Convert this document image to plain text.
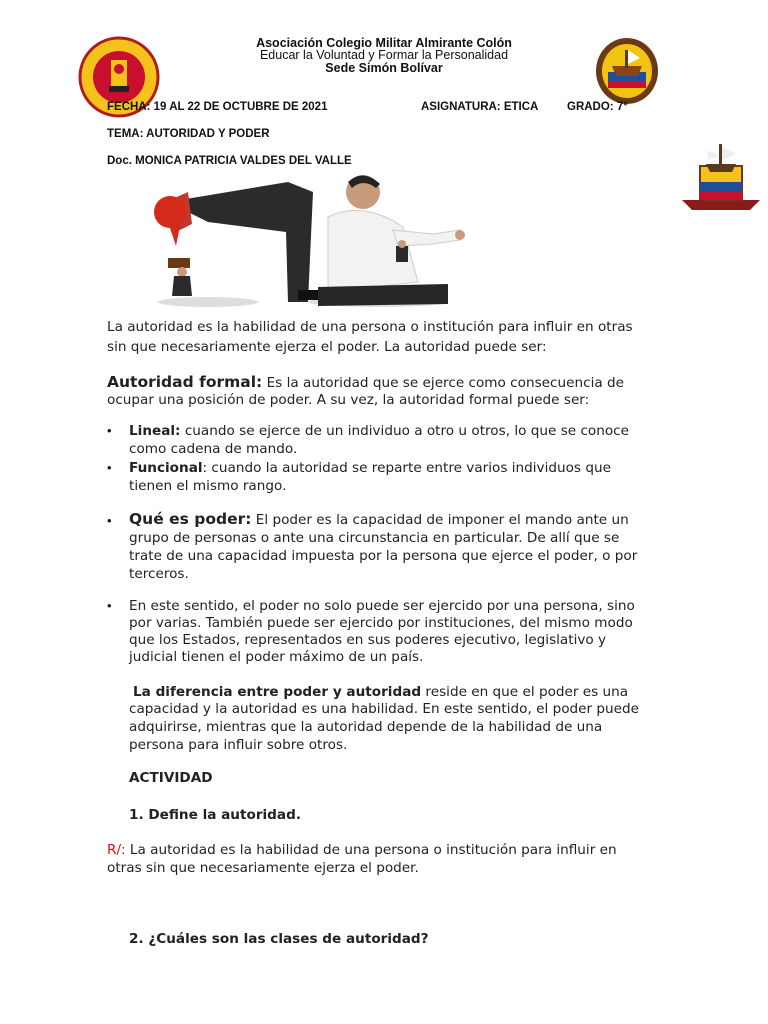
Asociación Colegio Militar Almirante Colón
Educar la Voluntad y Formar la Personalidad
Sede Simón Bolívar
FECHA: 19 AL 22 DE OCTUBRE DE 2021	ASIGNATURA: ETICA GRADO: 7°
TEMA: AUTORIDAD Y PODER
Doc. MONICA PATRICIA VALDES DEL VALLE
La autoridad es la habilidad de una persona o institución para influir en otras
sin que necesariamente ejerza el poder. La autoridad puede ser:
Autoridad formal: Es la autoridad que se ejerce como consecuencia de
ocupar una posición de poder. A su vez, la autoridad formal puede ser:
• Lineal: cuando se ejerce de un individuo a otro u otros, lo que se conoce
como cadena de mando.
• Funcional: cuando la autoridad se reparte entre varios individuos que
tienen el mismo rango.
• Qué es poder: El poder es la capacidad de imponer el mando ante un
grupo de personas o ante una circunstancia en particular. De allí que se
trate de una capacidad impuesta por la persona que ejerce el poder, o por
terceros.
• En este sentido, el poder no solo puede ser ejercido por una persona, sino
por varias. También puede ser ejercido por instituciones, del mismo modo
que los Estados, representados en sus poderes ejecutivo, legislativo y
judicial tienen el poder máximo de un país.
La diferencia entre poder y autoridad reside en que el poder es una
capacidad y la autoridad es una habilidad. En este sentido, el poder puede
adquirirse, mientras que la autoridad depende de la habilidad de una
persona para influir sobre otros.
ACTIVIDAD
1. Define la autoridad.
R/: La autoridad es la habilidad de una persona o institución para influir en
otras sin que necesariamente ejerza el poder.
2. ¿Cuáles son las clases de autoridad?
